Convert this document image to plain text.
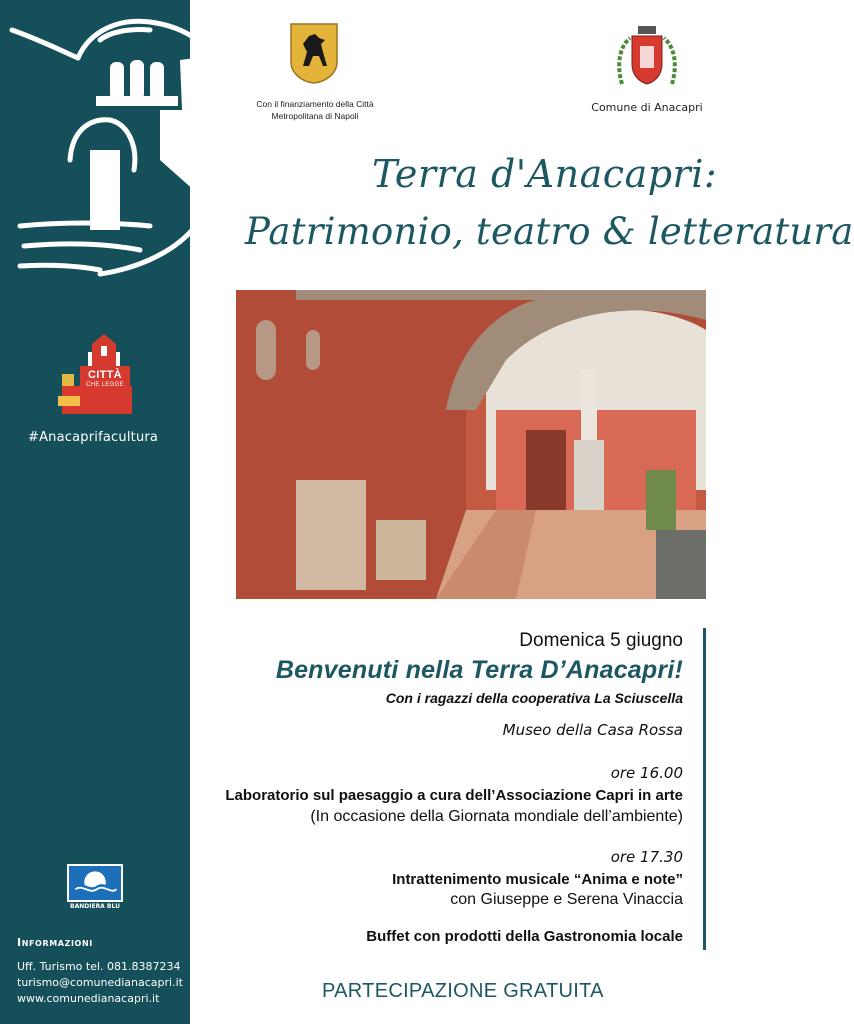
CITTÀ
CHE LEGGE
#Anacaprifacultura
BANDIERA BLU
Informazioni
Uff. Turismo tel. 081.8387234
turismo@comunedianacapri.it
www.comunedianacapri.it
Con il finanziamento della Città Metropolitana di Napoli
Comune di Anacapri
Terra d'Anacapri:
Patrimonio, teatro & letteratura
Domenica 5 giugno
Benvenuti nella Terra D’Anacapri!
Con i ragazzi della cooperativa La Sciuscella
Museo della Casa Rossa
ore 16.00
Laboratorio sul paesaggio a cura dell’Associazione Capri in arte
(In occasione della Giornata mondiale dell’ambiente)
ore 17.30
Intrattenimento musicale “Anima e note”
con Giuseppe e Serena Vinaccia
Buffet con prodotti della Gastronomia locale
PARTECIPAZIONE GRATUITA
